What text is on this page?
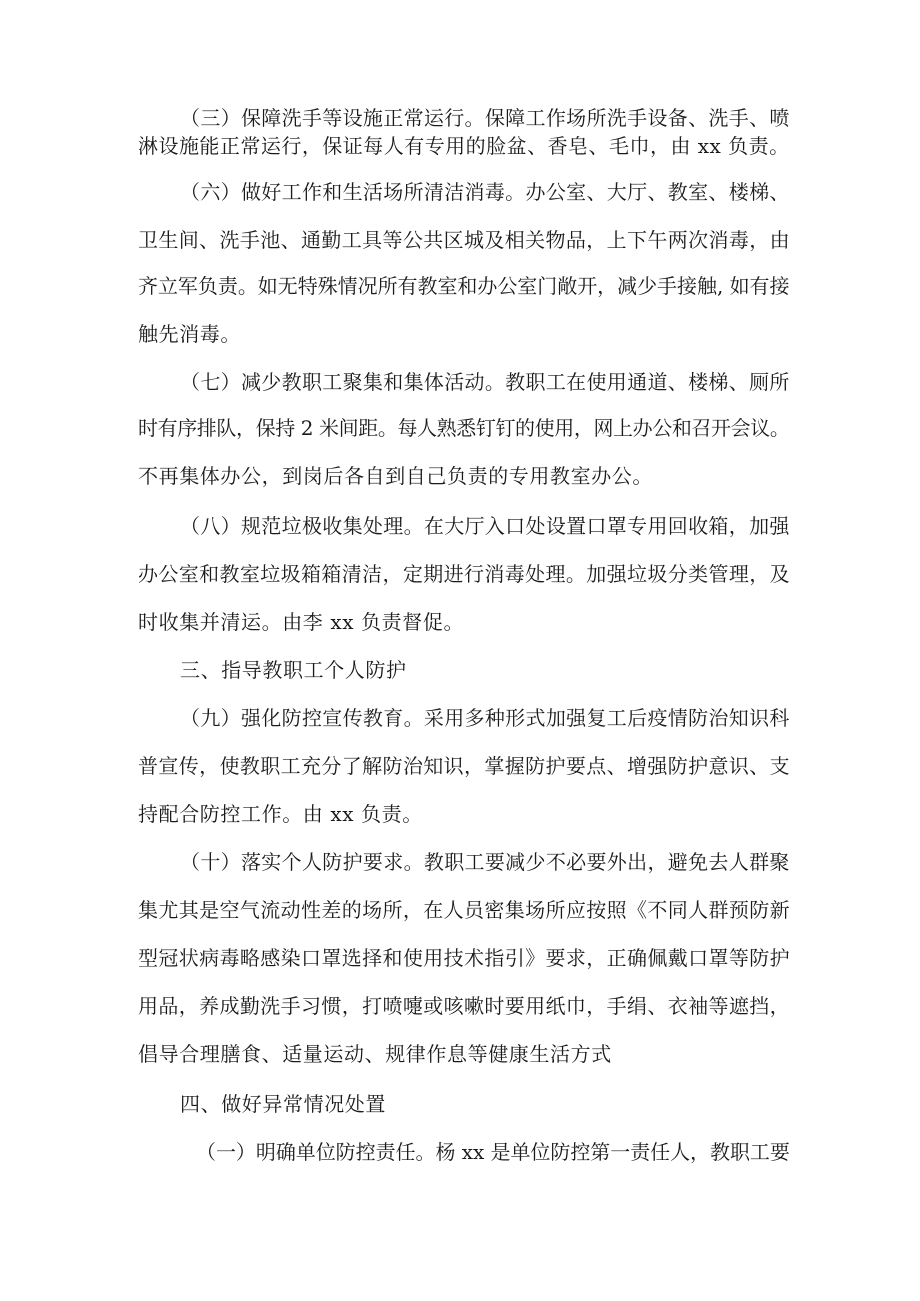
（三）保障洗手等设施正常运行。保障工作场所洗手设备、洗手、喷
淋设施能正常运行，保证每人有专用的脸盆、香皂、毛巾，由 xx 负责。
（六）做好工作和生活场所清洁消毒。办公室、大厅、教室、楼梯、
卫生间、洗手池、通勤工具等公共区城及相关物品，上下午两次消毒，由
齐立军负责。如无特殊情况所有教室和办公室门敞开，减少手接触, 如有接
触先消毒。
（七）减少教职工聚集和集体活动。教职工在使用通道、楼梯、厕所
时有序排队，保持 2 米间距。每人熟悉钉钉的使用，网上办公和召开会议。
不再集体办公，到岗后各自到自己负责的专用教室办公。
（八）规范垃极收集处理。在大厅入口处设置口罩专用回收箱，加强
办公室和教室垃圾箱箱清洁，定期进行消毒处理。加强垃圾分类管理，及
时收集并清运。由李 xx 负责督促。
三、指导教职工个人防护
（九）强化防控宣传教育。采用多种形式加强复工后疫情防治知识科
普宣传，使教职工充分了解防治知识，掌握防护要点、增强防护意识、支
持配合防控工作。由 xx 负责。
（十）落实个人防护要求。教职工要减少不必要外出，避免去人群聚
集尤其是空气流动性差的场所，在人员密集场所应按照《不同人群预防新
型冠状病毒略感染口罩选择和使用技术指引》要求，正确佩戴口罩等防护
用品，养成勤洗手习惯，打喷嚏或咳嗽时要用纸巾，手绢、衣袖等遮挡，
倡导合理膳食、适量运动、规律作息等健康生活方式
四、做好异常情况处置
（一）明确单位防控责任。杨 xx 是单位防控第一责任人，教职工要
